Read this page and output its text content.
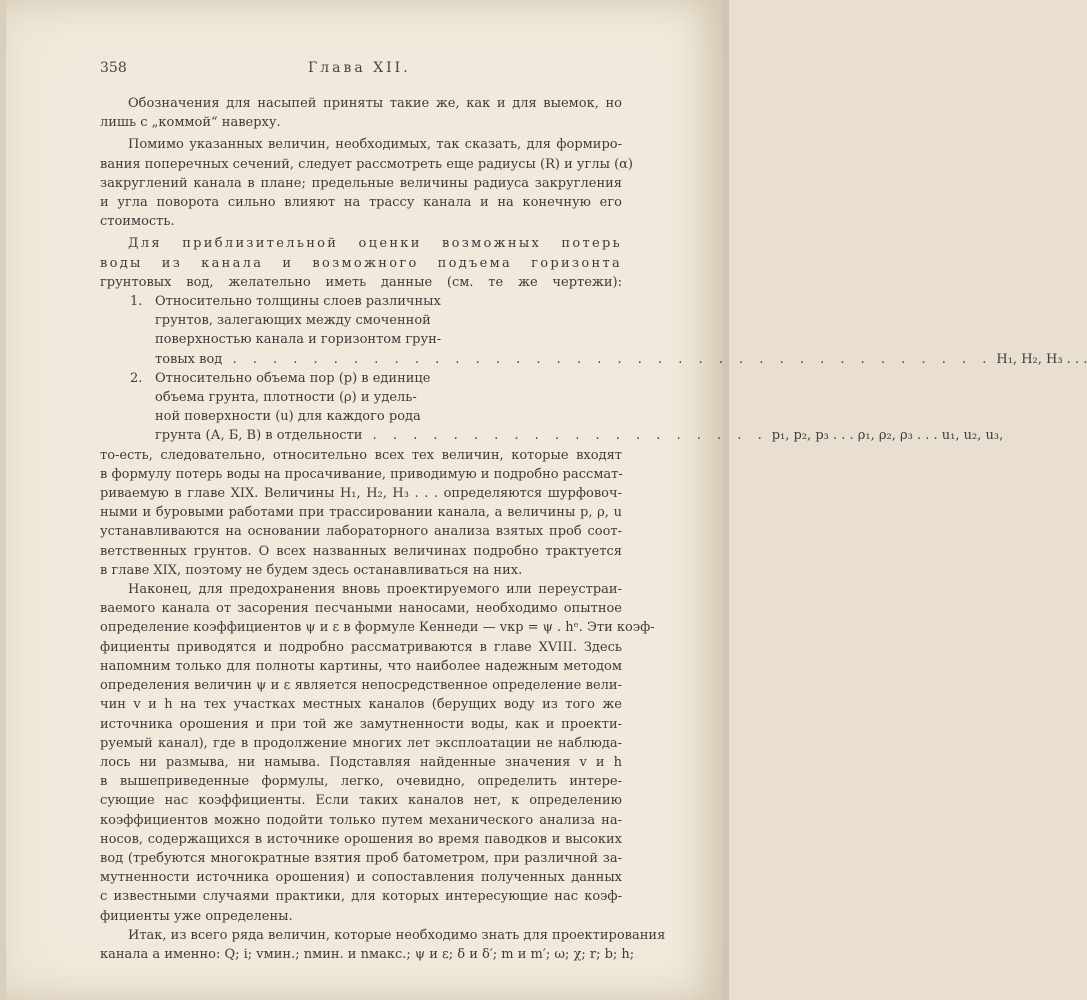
358	Глава XII.
Обозначения для насыпей приняты такие же, как и для выемок, но
лишь с „коммой“ наверху.
Помимо указанных величин, необходимых, так сказать, для формиро-
вания поперечных сечений, следует рассмотреть еще радиусы (R) и углы (α)
закруглений канала в плане; предельные величины радиуса закругления
и угла поворота сильно влияют на трассу канала и на конечную его
стоимость.
Для приблизительной оценки возможных потерь
воды из канала и возможного подъема горизонта
грунтовых вод, желательно иметь данные (см. те же чертежи):
1. Относительно толщины слоев различных
грунтов, залегающих между смоченной
поверхностью канала и горизонтом грун-
товых вод . . . . . . . . . . . . . . . . . . . . . . . . . . . . . . . . . . . . . . H₁, H₂, H₃ . . .
2. Относительно объема пор (p) в единице
объема грунта, плотности (ρ) и удель-
ной поверхности (u) для каждого рода
грунта (А, Б, В) в отдельности . . . . . . . . . . . . . . . . . . . . p₁, p₂, p₃ . . . ρ₁, ρ₂, ρ₃ . . . u₁, u₂, u₃,
то-есть, следовательно, относительно всех тех величин, которые входят
в формулу потерь воды на просачивание, приводимую и подробно рассмат-
риваемую в главе XIX. Величины H₁, H₂, H₃ . . . определяются шурфовоч-
ными и буровыми работами при трассировании канала, а величины p, ρ, u
устанавливаются на основании лабораторного анализа взятых проб соот-
ветственных грунтов. О всех названных величинах подробно трактуется
в главе XIX, поэтому не будем здесь останавливаться на них.
Наконец, для предохранения вновь проектируемого или переустраи-
ваемого канала от засорения песчаными наносами, необходимо опытное
определение коэффициентов ψ и ε в формуле Кеннеди — vкр = ψ . hᵉ. Эти коэф-
фициенты приводятся и подробно рассматриваются в главе XVIII. Здесь
напомним только для полноты картины, что наиболее надежным методом
определения величин ψ и ε является непосредственное определение вели-
чин v и h на тех участках местных каналов (берущих воду из того же
источника орошения и при той же замутненности воды, как и проекти-
руемый канал), где в продолжение многих лет эксплоатации не наблюда-
лось ни размыва, ни намыва. Подставляя найденные значения v и h
в вышеприведенные формулы, легко, очевидно, определить интере-
сующие нас коэффициенты. Если таких каналов нет, к определению
коэффициентов можно подойти только путем механического анализа на-
носов, содержащихся в источнике орошения во время паводков и высоких
вод (требуются многократные взятия проб батометром, при различной за-
мутненности источника орошения) и сопоставления полученных данных
с известными случаями практики, для которых интересующие нас коэф-
фициенты уже определены.
Итак, из всего ряда величин, которые необходимо знать для проектирования
канала а именно: Q; i; vмин.; nмин. и nмакс.; ψ и ε; δ и δ′; m и m′; ω; χ; r; b; h;
